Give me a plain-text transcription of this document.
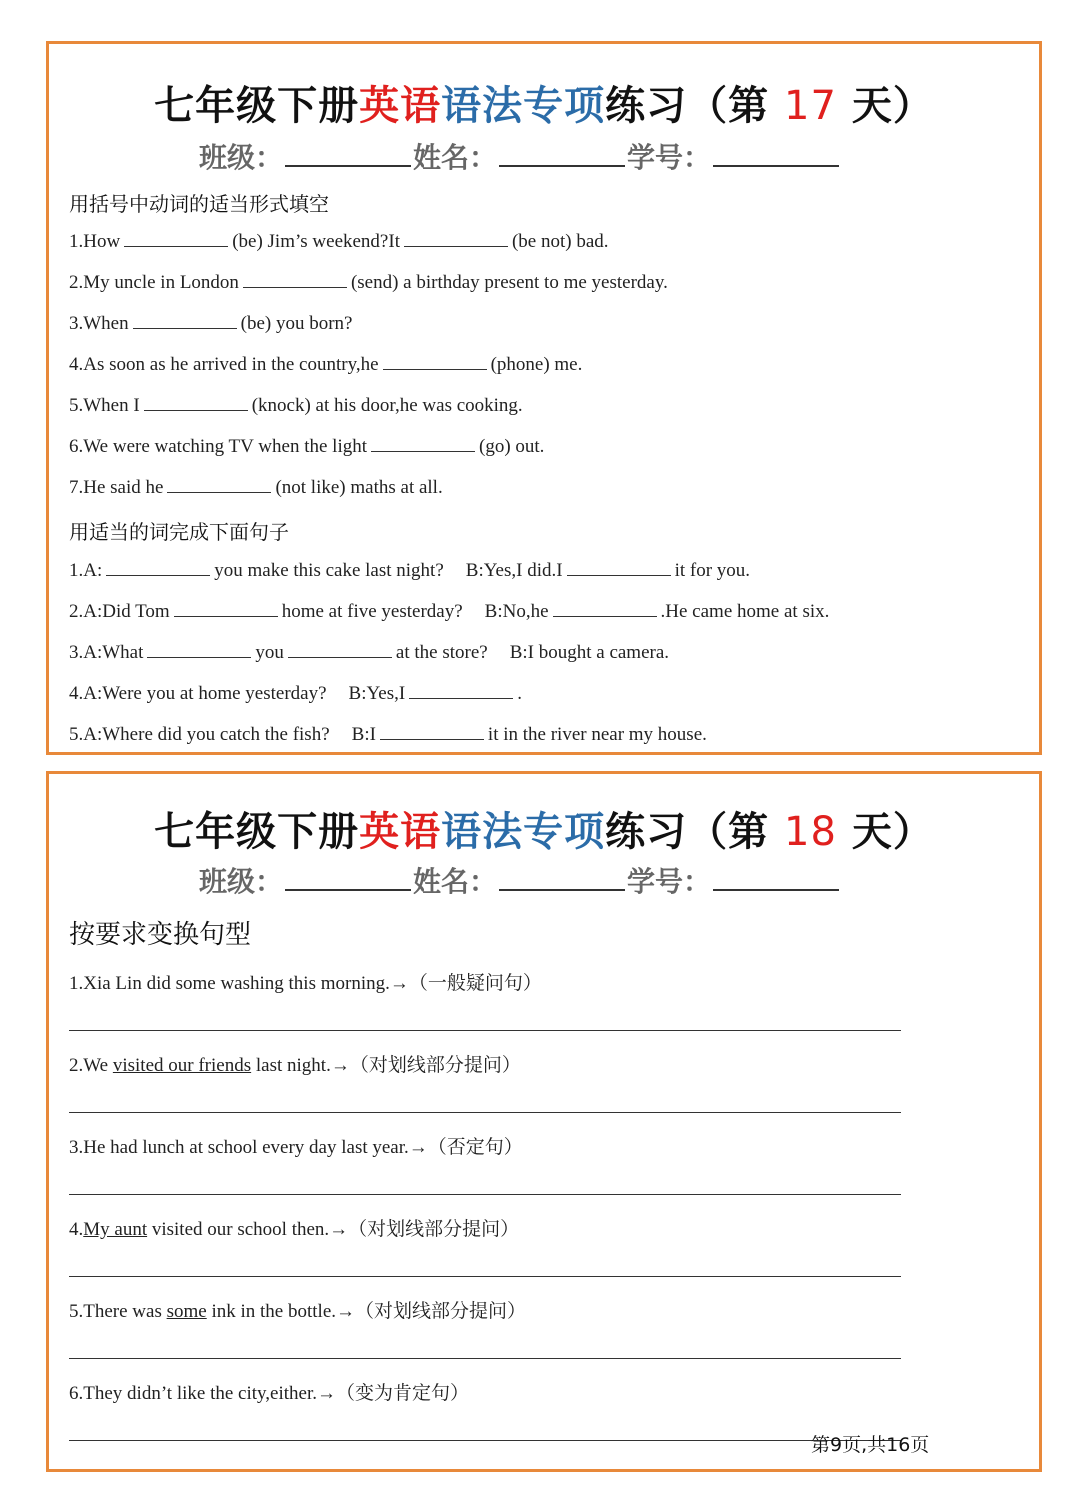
七年级下册英语语法专项练习（第 17 天）
班级：	姓名：	学号：
用括号中动词的适当形式填空
1.How	(be) Jim’s weekend?It	(be not) bad.
2.My uncle in London	(send) a birthday present to me yesterday.
3.When	(be) you born?
4.As soon as he arrived in the country,he	(phone) me.
5.When I	(knock) at his door,he was cooking.
6.We were watching TV when the light	(go) out.
7.He said he	(not like) maths at all.
用适当的词完成下面句子
1.A:	you make this cake last night? B:Yes,I did.I	it for you.
2.A:Did Tom	home at five yesterday? B:No,he	.He came home at six.
3.A:What	you	at the store? B:I bought a camera.
4.A:Were you at home yesterday? B:Yes,I	.
5.A:Where did you catch the fish? B:I	it in the river near my house.
七年级下册英语语法专项练习（第 18 天）
班级：	姓名：	学号：
按要求变换句型
1.Xia Lin did some washing this morning.→（一般疑问句）
2.We visited our friends last night.→（对划线部分提问）
3.He had lunch at school every day last year.→（否定句）
4.My aunt visited our school then.→（对划线部分提问）
5.There was some ink in the bottle.→（对划线部分提问）
6.They didn’t like the city,either.→（变为肯定句）
第9页,共16页
